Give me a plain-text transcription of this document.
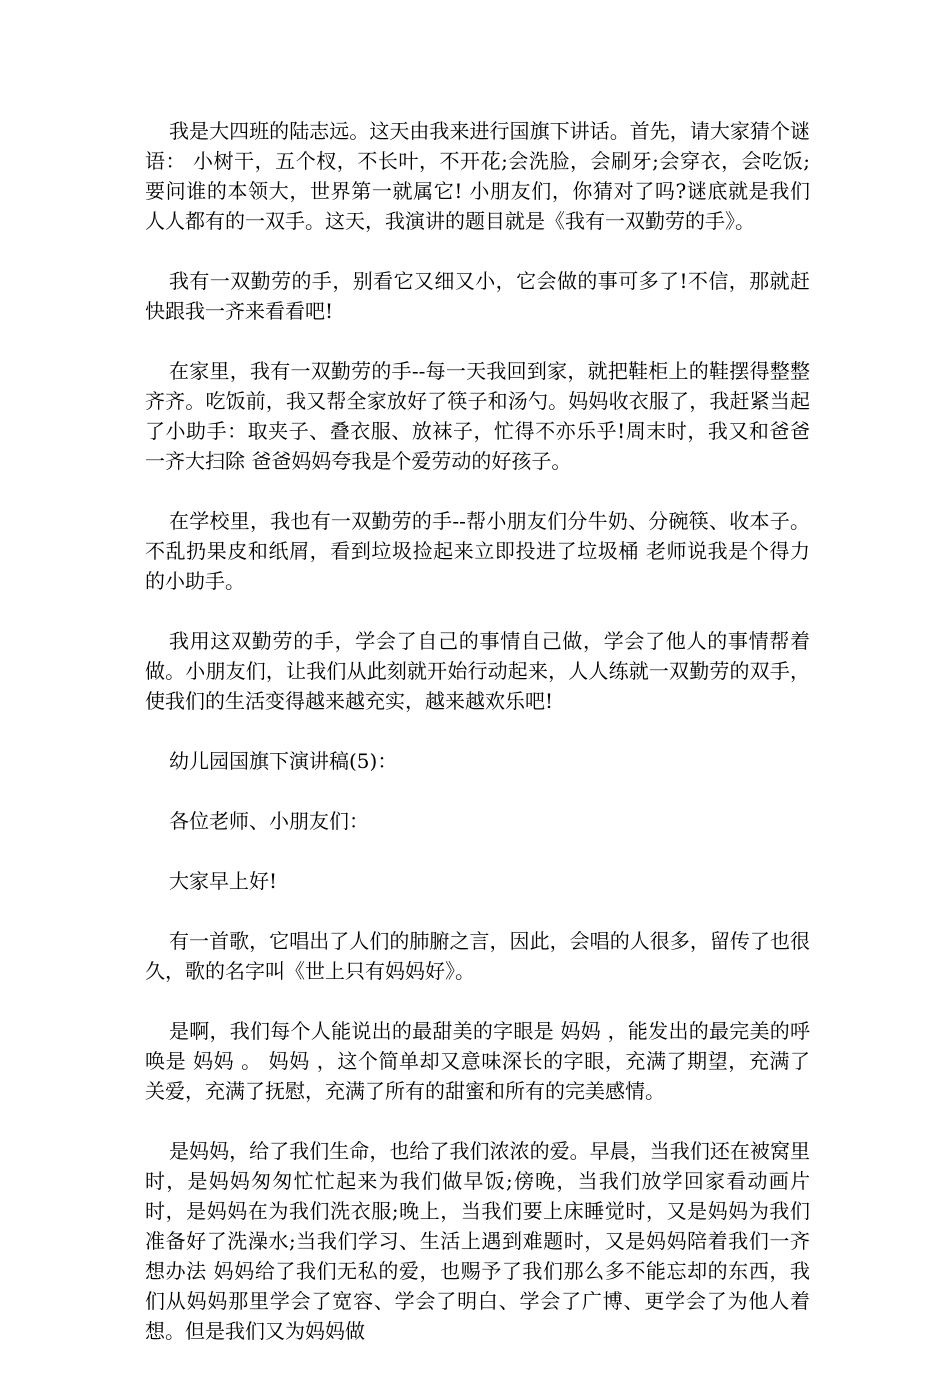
我是大四班的陆志远。这天由我来进行国旗下讲话。首先，请大家猜个谜语： 小树干，五个杈，不长叶，不开花;会洗脸，会刷牙;会穿衣，会吃饭;要问谁的本领大，世界第一就属它! 小朋友们，你猜对了吗?谜底就是我们人人都有的一双手。这天，我演讲的题目就是《我有一双勤劳的手》。

我有一双勤劳的手，别看它又细又小，它会做的事可多了!不信，那就赶快跟我一齐来看看吧!

在家里，我有一双勤劳的手--每一天我回到家，就把鞋柜上的鞋摆得整整齐齐。吃饭前，我又帮全家放好了筷子和汤勺。妈妈收衣服了，我赶紧当起了小助手：取夹子、叠衣服、放袜子，忙得不亦乐乎!周末时，我又和爸爸一齐大扫除 爸爸妈妈夸我是个爱劳动的好孩子。

在学校里，我也有一双勤劳的手--帮小朋友们分牛奶、分碗筷、收本子。不乱扔果皮和纸屑，看到垃圾捡起来立即投进了垃圾桶 老师说我是个得力的小助手。

我用这双勤劳的手，学会了自己的事情自己做，学会了他人的事情帮着做。小朋友们，让我们从此刻就开始行动起来，人人练就一双勤劳的双手，使我们的生活变得越来越充实，越来越欢乐吧!

幼儿园国旗下演讲稿(5)：

各位老师、小朋友们：

大家早上好!

有一首歌，它唱出了人们的肺腑之言，因此，会唱的人很多，留传了也很久，歌的名字叫《世上只有妈妈好》。

是啊，我们每个人能说出的最甜美的字眼是 妈妈 ，能发出的最完美的呼唤是 妈妈 。 妈妈 ，这个简单却又意味深长的字眼，充满了期望，充满了关爱，充满了抚慰，充满了所有的甜蜜和所有的完美感情。

是妈妈，给了我们生命，也给了我们浓浓的爱。早晨，当我们还在被窝里时，是妈妈匆匆忙忙起来为我们做早饭;傍晚，当我们放学回家看动画片时，是妈妈在为我们洗衣服;晚上，当我们要上床睡觉时，又是妈妈为我们准备好了洗澡水;当我们学习、生活上遇到难题时，又是妈妈陪着我们一齐想办法 妈妈给了我们无私的爱，也赐予了我们那么多不能忘却的东西，我们从妈妈那里学会了宽容、学会了明白、学会了广博、更学会了为他人着想。但是我们又为妈妈做
